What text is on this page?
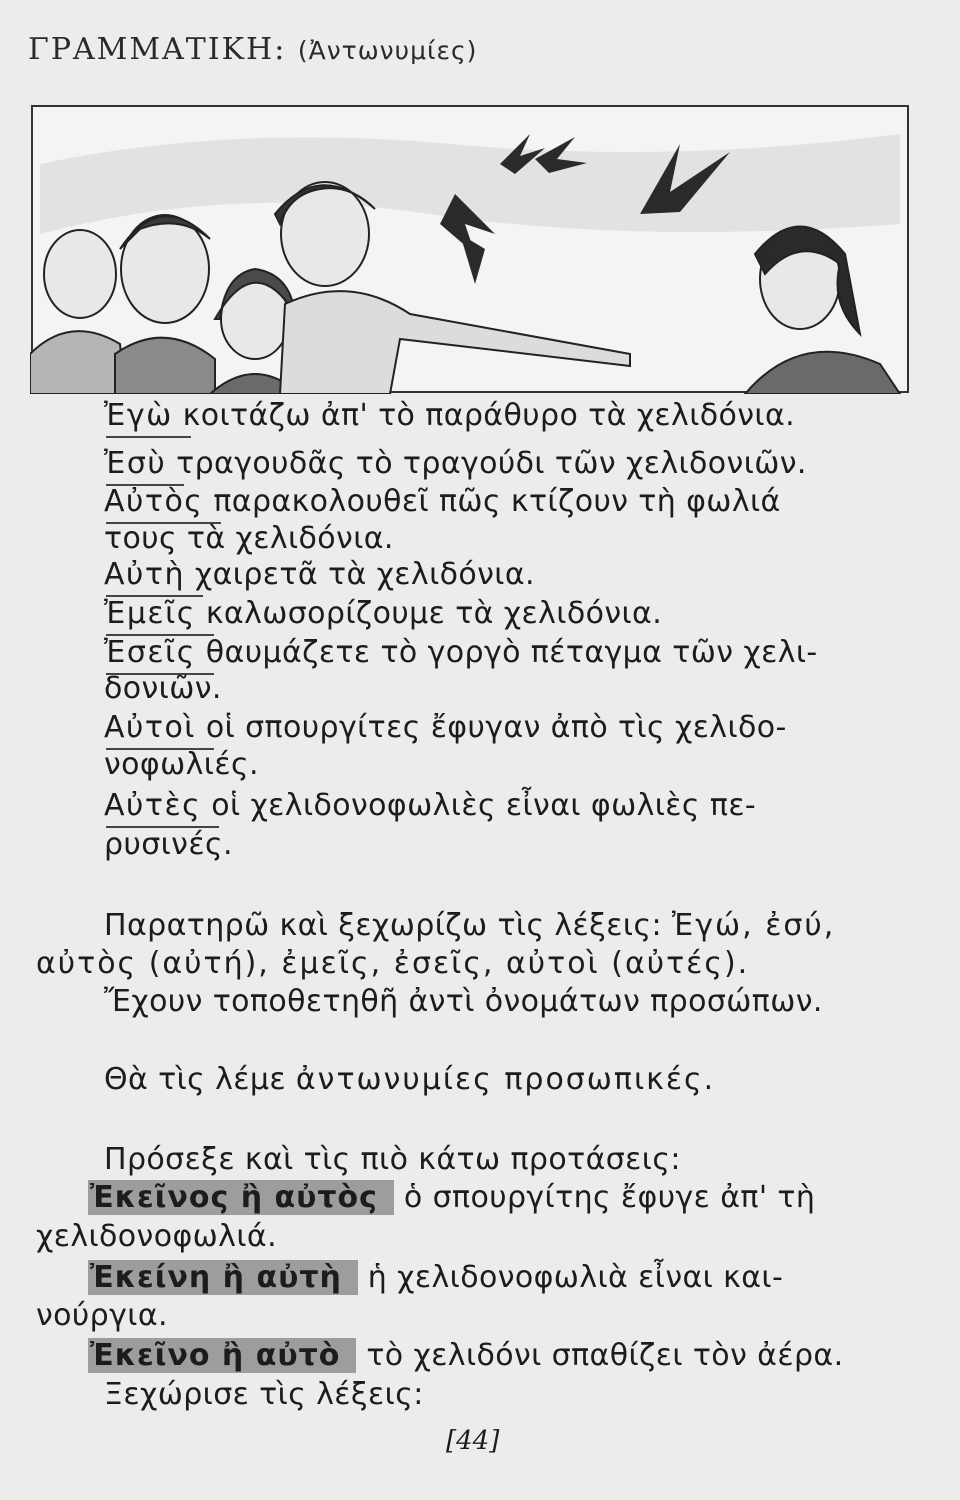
ΓΡΑΜΜΑΤΙΚΗ: (Ἀντωνυμίες)
Ἐγὼ κοιτάζω ἀπ' τὸ παράθυρο τὰ χελιδόνια.
Ἐσὺ τραγουδᾶς τὸ τραγούδι τῶν χελιδονιῶν.
Αὐτὸς παρακολουθεῖ πῶς κτίζουν τὴ φωλιά
τους τὰ χελιδόνια.
Αὐτὴ χαιρετᾶ τὰ χελιδόνια.
Ἐμεῖς καλωσορίζουμε τὰ χελιδόνια.
Ἐσεῖς θαυμάζετε τὸ γοργὸ πέταγμα τῶν χελι-
δονιῶν.
Αὐτοὶ οἱ σπουργίτες ἔφυγαν ἀπὸ τὶς χελιδο-
νοφωλιές.
Αὐτὲς οἱ χελιδονοφωλιὲς εἶναι φωλιὲς πε-
ρυσινές.
Παρατηρῶ καὶ ξεχωρίζω τὶς λέξεις: Ἐγώ, ἐσύ,
αὐτὸς (αὐτή), ἐμεῖς, ἐσεῖς, αὐτοὶ (αὐτές).
Ἔχουν τοποθετηθῆ ἀντὶ ὀνομάτων προσώπων.
Θὰ τὶς λέμε ἀντωνυμίες προσωπικές.
Πρόσεξε καὶ τὶς πιὸ κάτω προτάσεις:
Ἐκεῖνος ἢ αὐτὸς ὁ σπουργίτης ἔφυγε ἀπ' τὴ
χελιδονοφωλιά.
Ἐκείνη ἢ αὐτὴ ἡ χελιδονοφωλιὰ εἶναι και-
νούργια.
Ἐκεῖνο ἢ αὐτὸ τὸ χελιδόνι σπαθίζει τὸν ἀέρα.
Ξεχώρισε τὶς λέξεις:
[44]
